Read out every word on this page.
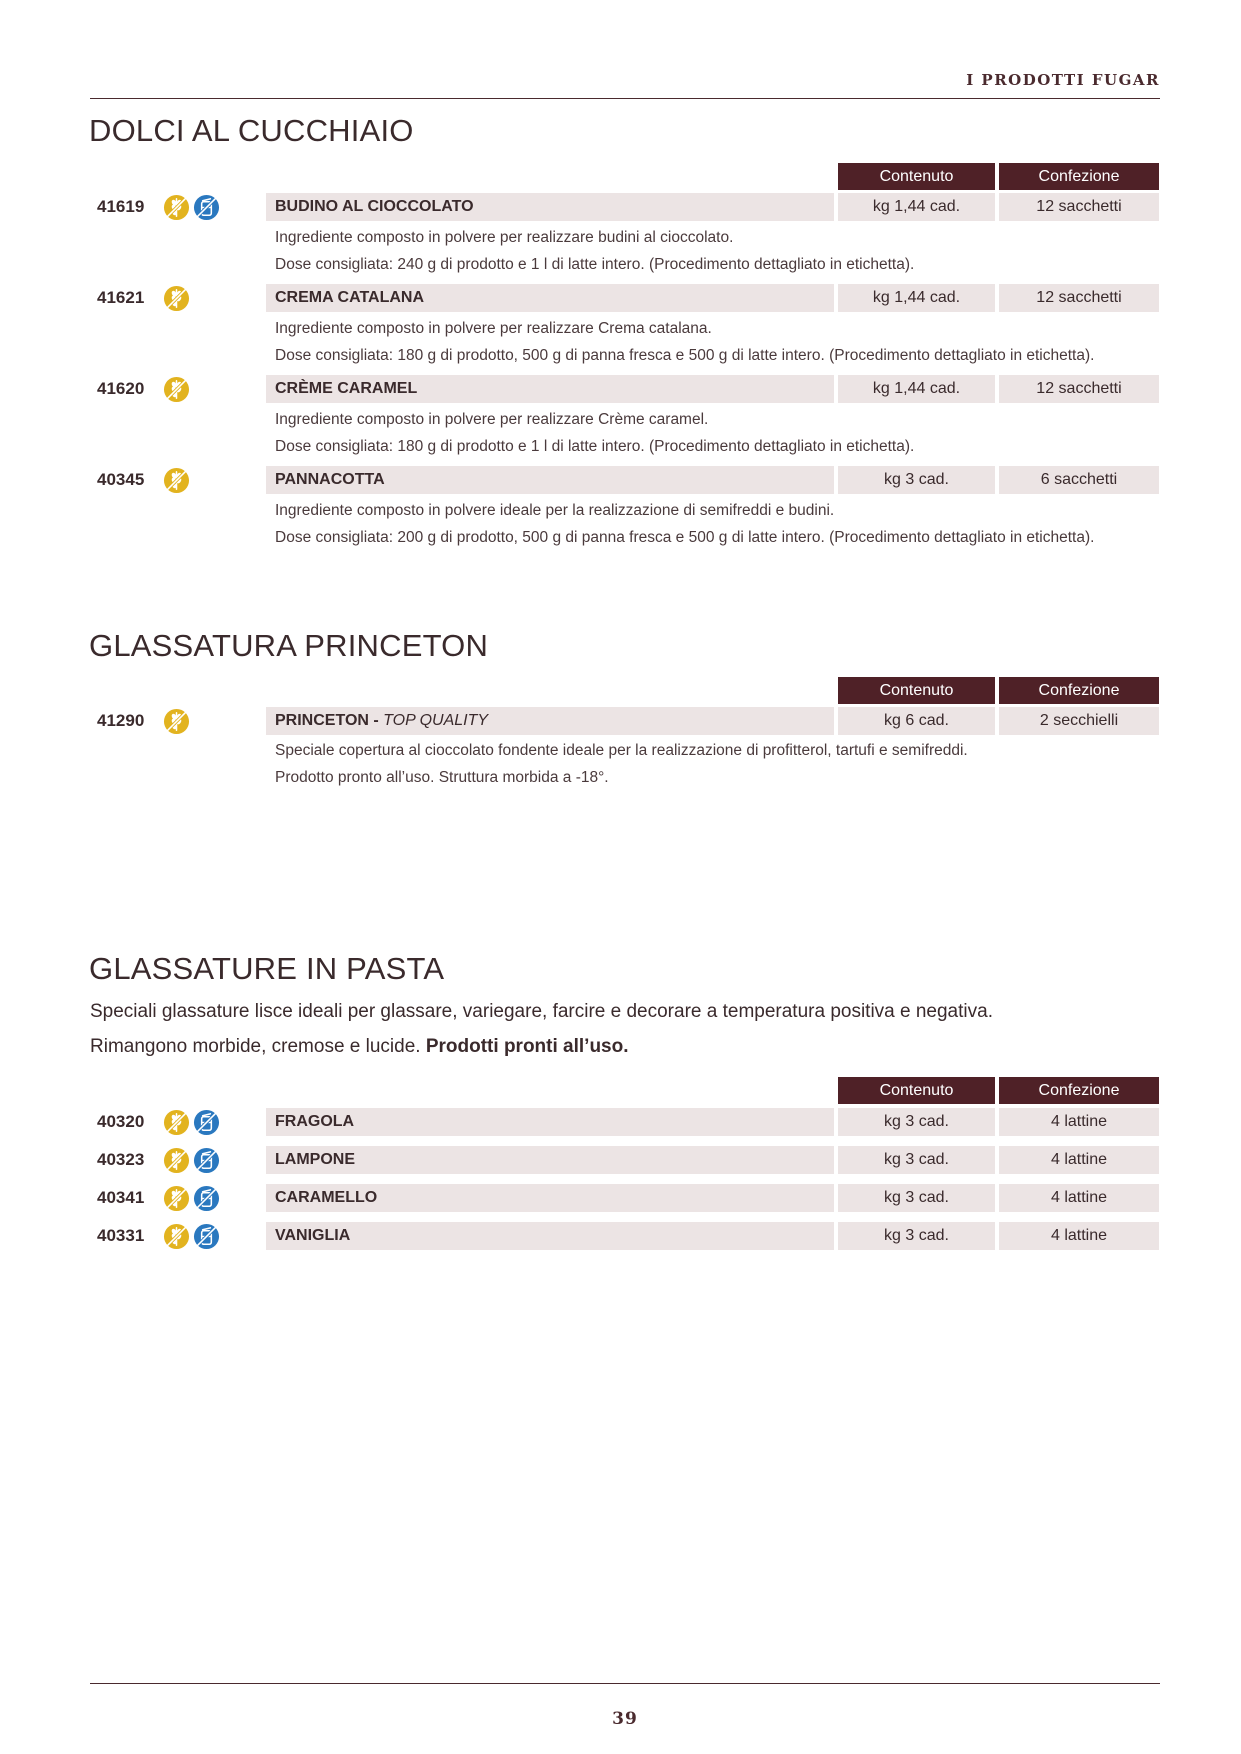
I PRODOTTI FUGAR
DOLCI AL CUCCHIAIO
Contenuto	Confezione
41619	BUDINO AL CIOCCOLATO	kg 1,44 cad.	12 sacchetti
Ingrediente composto in polvere per realizzare budini al cioccolato.
Dose consigliata: 240 g di prodotto e 1 l di latte intero. (Procedimento dettagliato in etichetta).
41621	CREMA CATALANA	kg 1,44 cad.	12 sacchetti
Ingrediente composto in polvere per realizzare Crema catalana.
Dose consigliata: 180 g di prodotto, 500 g di panna fresca e 500 g di latte intero. (Procedimento dettagliato in etichetta).
41620	CRÈME CARAMEL	kg 1,44 cad.	12 sacchetti
Ingrediente composto in polvere per realizzare Crème caramel.
Dose consigliata: 180 g di prodotto e 1 l di latte intero. (Procedimento dettagliato in etichetta).
40345	PANNACOTTA	kg 3 cad.	6 sacchetti
Ingrediente composto in polvere ideale per la realizzazione di semifreddi e budini.
Dose consigliata: 200 g di prodotto, 500 g di panna fresca e 500 g di latte intero. (Procedimento dettagliato in etichetta).
GLASSATURA PRINCETON
Contenuto	Confezione
41290	PRINCETON - TOP QUALITY	kg 6 cad.	2 secchielli
Speciale copertura al cioccolato fondente ideale per la realizzazione di profitterol, tartufi e semifreddi.
Prodotto pronto all’uso. Struttura morbida a -18°.
GLASSATURE IN PASTA
Speciali glassature lisce ideali per glassare, variegare, farcire e decorare a temperatura positiva e negativa.
Rimangono morbide, cremose e lucide. Prodotti pronti all’uso.
Contenuto	Confezione
40320	FRAGOLA	kg 3 cad.	4 lattine
40323	LAMPONE	kg 3 cad.	4 lattine
40341	CARAMELLO	kg 3 cad.	4 lattine
40331	VANIGLIA	kg 3 cad.	4 lattine
39
